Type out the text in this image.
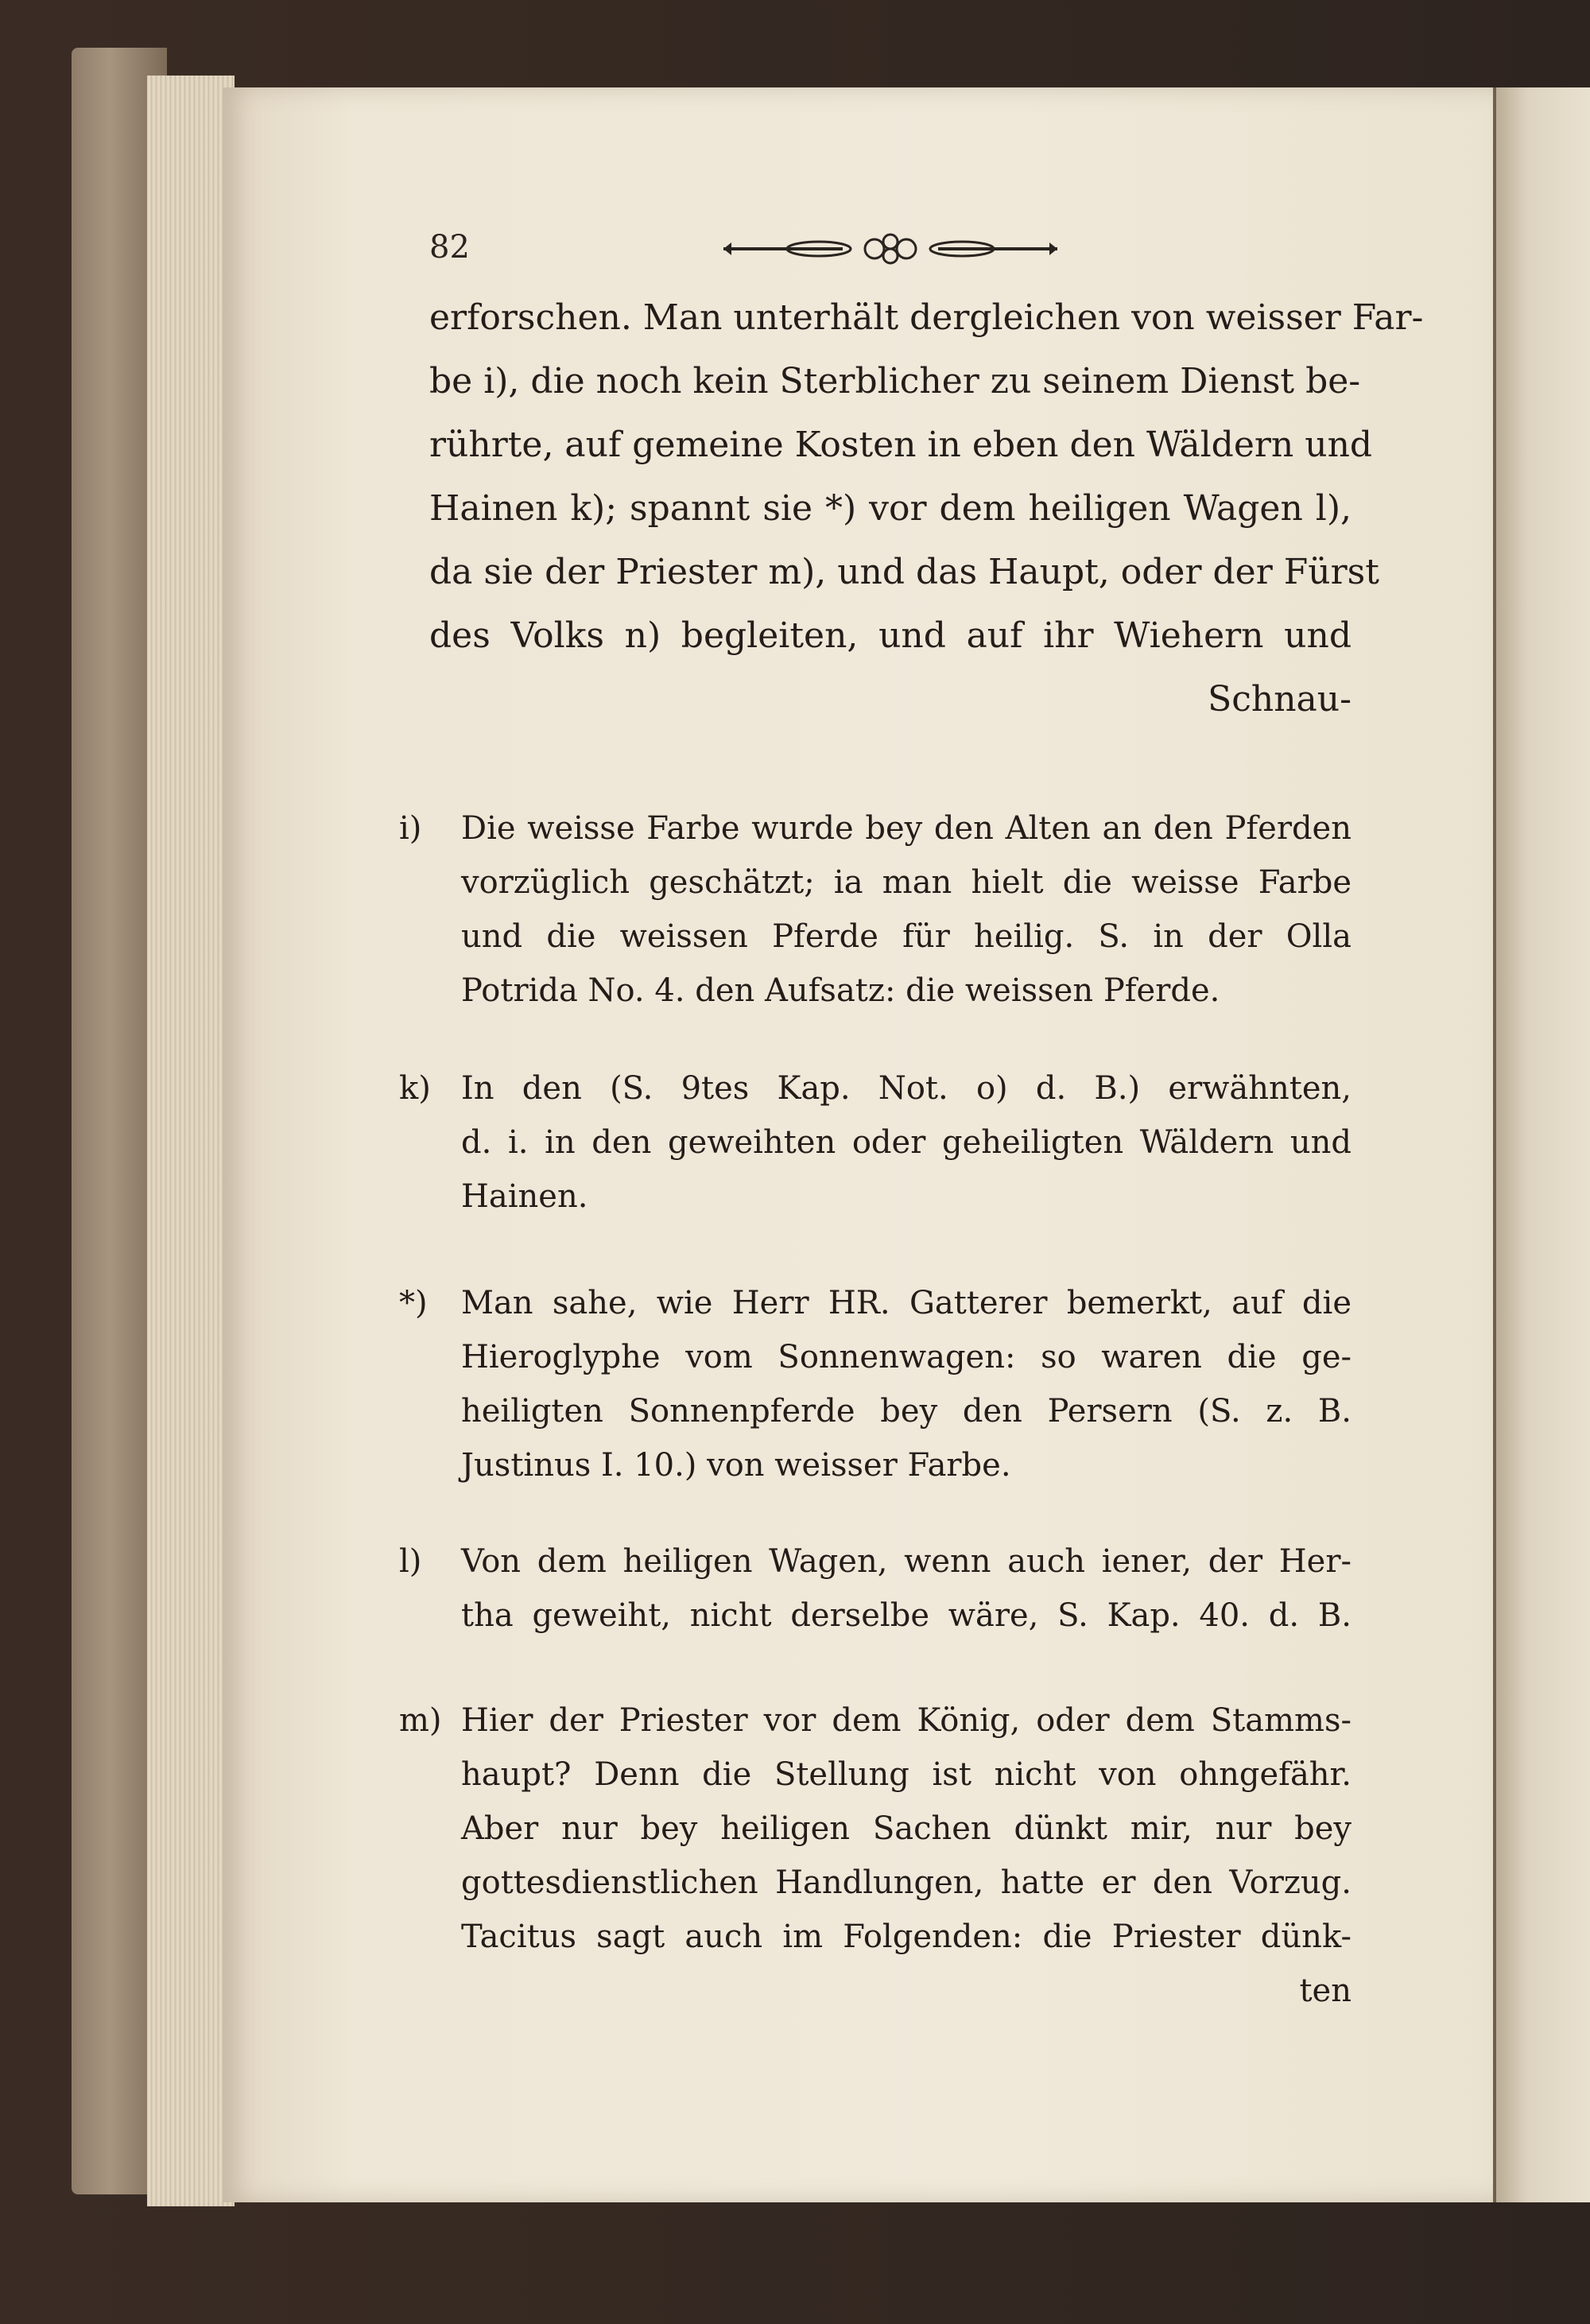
82
erforschen. Man unterhält dergleichen von weisser Far-
be i), die noch kein Sterblicher zu seinem Dienst be-
rührte, auf gemeine Kosten in eben den Wäldern und
Hainen k); spannt sie *) vor dem heiligen Wagen l),
da sie der Priester m), und das Haupt, oder der Fürst
des Volks n) begleiten, und auf ihr Wiehern und
Schnau-
i)	Die weisse Farbe wurde bey den Alten an den Pferden
vorzüglich geschätzt; ia man hielt die weisse Farbe
und die weissen Pferde für heilig. S. in der Olla
Potrida No. 4. den Aufsatz: die weissen Pferde.
k) In den (S. 9tes Kap. Not. o) d. B.) erwähnten,
d. i. in den geweihten oder geheiligten Wäldern und
Hainen.
*)	Man sahe, wie Herr HR. Gatterer bemerkt, auf die
Hieroglyphe vom Sonnenwagen: so waren die ge-
heiligten Sonnenpferde bey den Persern (S. z. B.
Justinus I. 10.) von weisser Farbe.
l)	Von dem heiligen Wagen, wenn auch iener, der Her-
tha geweiht, nicht derselbe wäre, S. Kap. 40. d. B.
m) Hier der Priester vor dem König, oder dem Stamms-
haupt? Denn die Stellung ist nicht von ohngefähr.
Aber nur bey heiligen Sachen dünkt mir, nur bey
gottesdienstlichen Handlungen, hatte er den Vorzug.
Tacitus sagt auch im Folgenden: die Priester dünk-
ten
